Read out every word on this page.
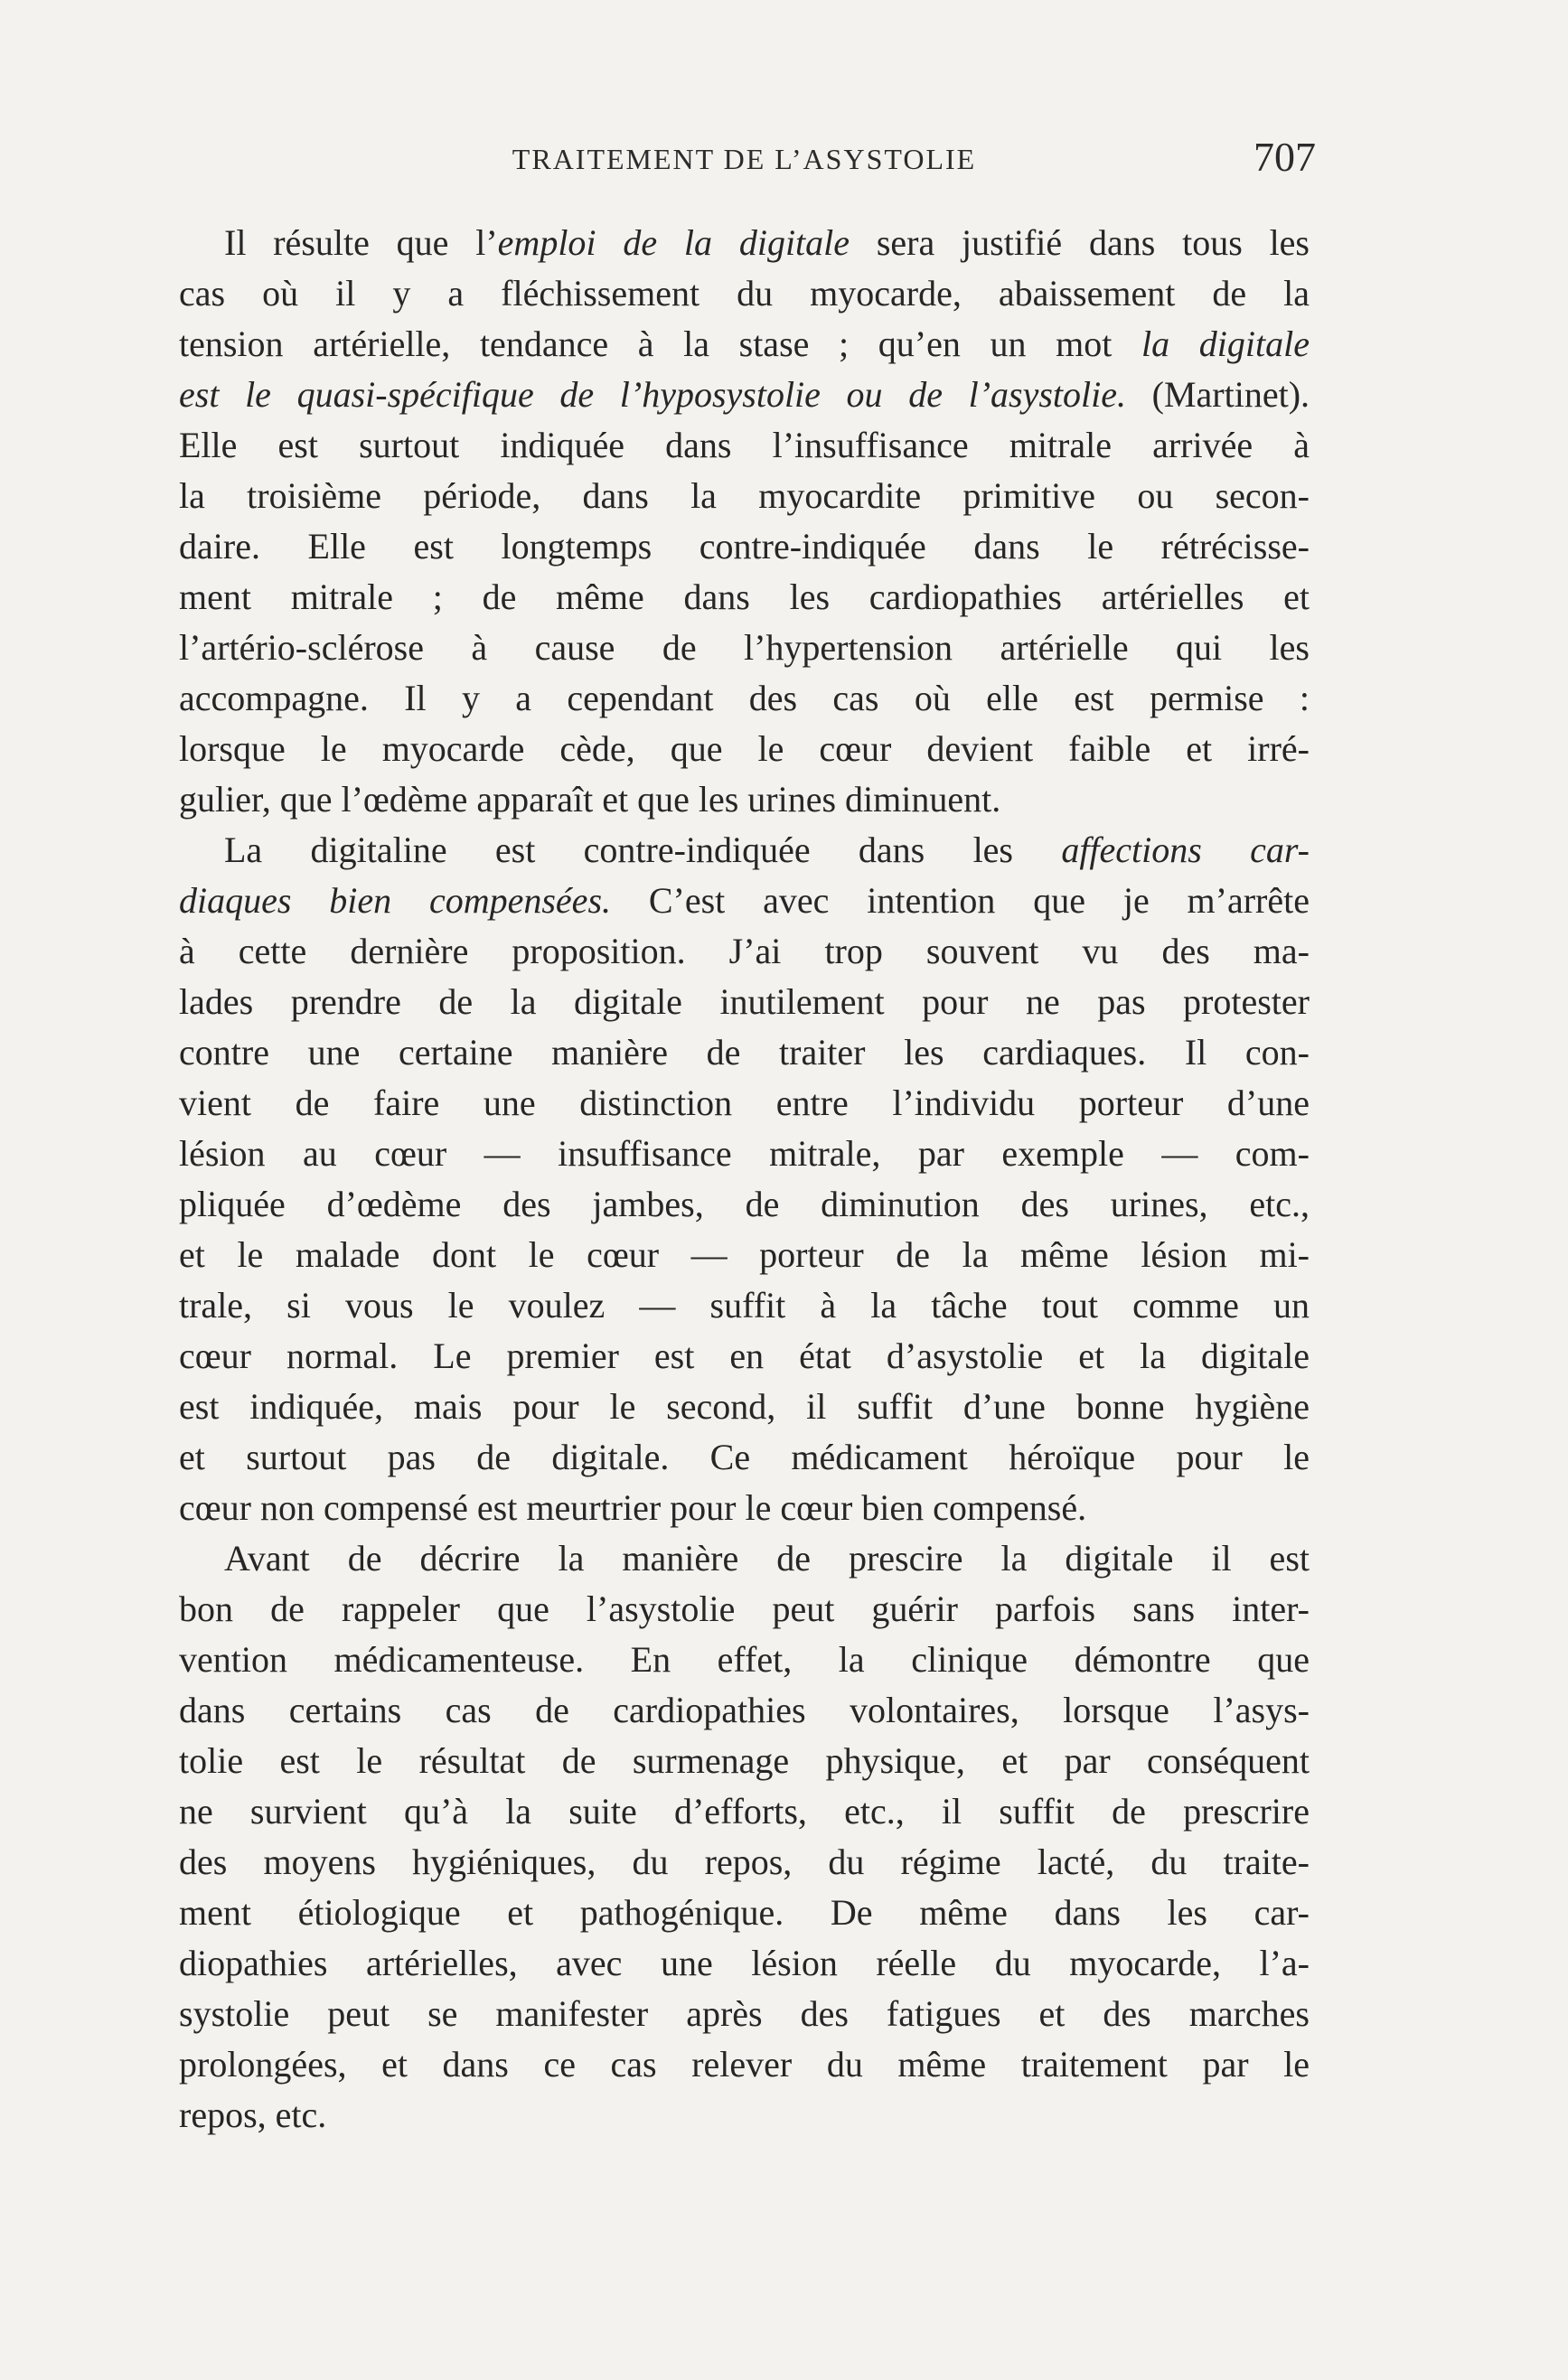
TRAITEMENT DE L’ASYSTOLIE	707
Il résulte que l’emploi de la digitale sera justifié dans tous les
cas où il y a fléchissement du myocarde, abaissement de la
tension artérielle, tendance à la stase ; qu’en un mot la digitale
est le quasi-spécifique de l’hyposystolie ou de l’asystolie. (Martinet).
Elle est surtout indiquée dans l’insuffisance mitrale arrivée à
la troisième période, dans la myocardite primitive ou secon-
daire. Elle est longtemps contre-indiquée dans le rétrécisse-
ment mitrale ; de même dans les cardiopathies artérielles et
l’artério-sclérose à cause de l’hypertension artérielle qui les
accompagne. Il y a cependant des cas où elle est permise :
lorsque le myocarde cède, que le cœur devient faible et irré-
gulier, que l’œdème apparaît et que les urines diminuent.
La digitaline est contre-indiquée dans les affections car-
diaques bien compensées. C’est avec intention que je m’arrête
à cette dernière proposition. J’ai trop souvent vu des ma-
lades prendre de la digitale inutilement pour ne pas protester
contre une certaine manière de traiter les cardiaques. Il con-
vient de faire une distinction entre l’individu porteur d’une
lésion au cœur — insuffisance mitrale, par exemple — com-
pliquée d’œdème des jambes, de diminution des urines, etc.,
et le malade dont le cœur — porteur de la même lésion mi-
trale, si vous le voulez — suffit à la tâche tout comme un
cœur normal. Le premier est en état d’asystolie et la digitale
est indiquée, mais pour le second, il suffit d’une bonne hygiène
et surtout pas de digitale. Ce médicament héroïque pour le
cœur non compensé est meurtrier pour le cœur bien compensé.
Avant de décrire la manière de prescire la digitale il est
bon de rappeler que l’asystolie peut guérir parfois sans inter-
vention médicamenteuse. En effet, la clinique démontre que
dans certains cas de cardiopathies volontaires, lorsque l’asys-
tolie est le résultat de surmenage physique, et par conséquent
ne survient qu’à la suite d’efforts, etc., il suffit de prescrire
des moyens hygiéniques, du repos, du régime lacté, du traite-
ment étiologique et pathogénique. De même dans les car-
diopathies artérielles, avec une lésion réelle du myocarde, l’a-
systolie peut se manifester après des fatigues et des marches
prolongées, et dans ce cas relever du même traitement par le
repos, etc.
